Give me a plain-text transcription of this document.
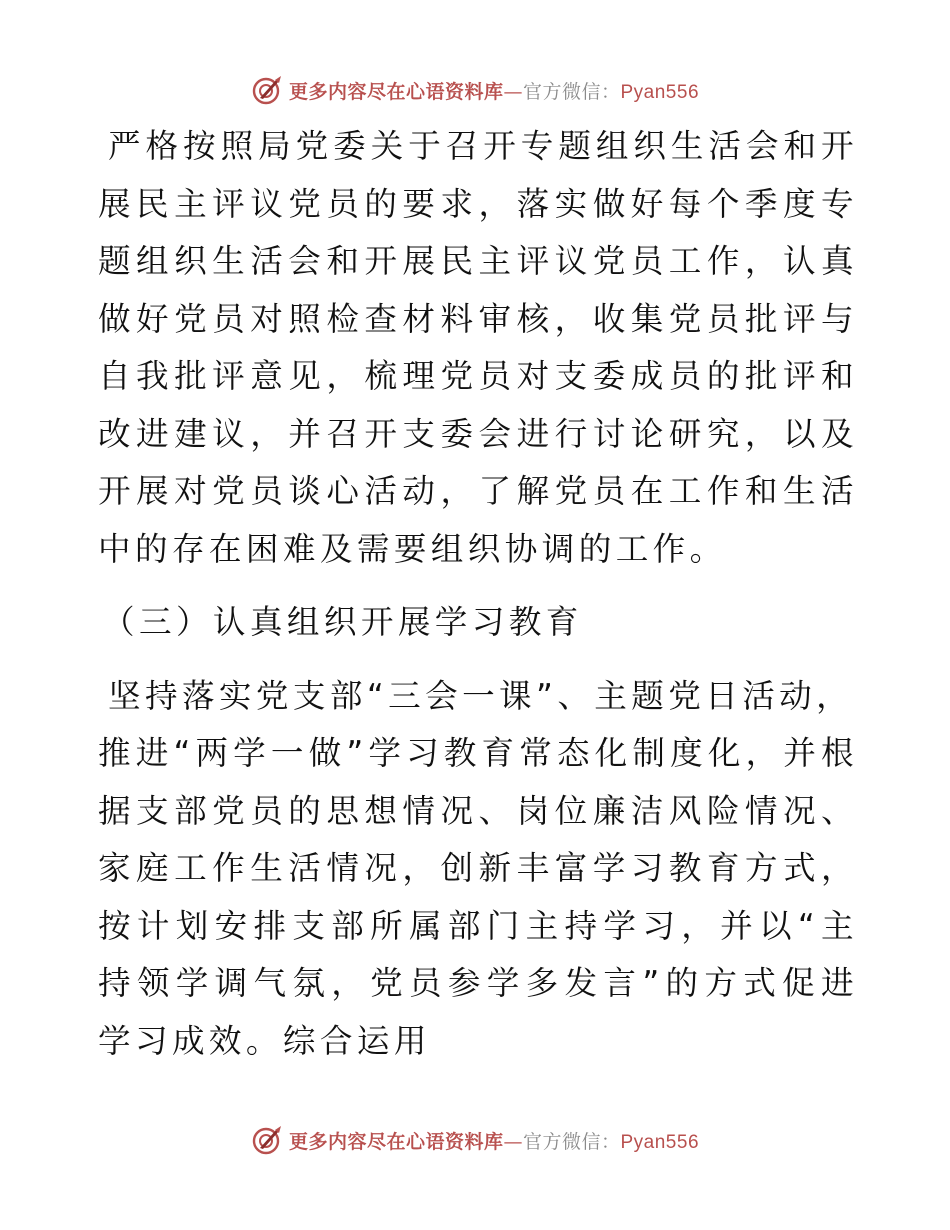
更多内容尽在心语资料库—官方微信：Pyan556

严格按照局党委关于召开专题组织生活会和开展民主评议党员的要求，落实做好每个季度专题组织生活会和开展民主评议党员工作，认真做好党员对照检查材料审核，收集党员批评与自我批评意见，梳理党员对支委成员的批评和改进建议，并召开支委会进行讨论研究，以及开展对党员谈心活动，了解党员在工作和生活中的存在困难及需要组织协调的工作。

（三）认真组织开展学习教育

坚持落实党支部“三会一课”、主题党日活动，
推进“两学一做”学习教育常态化制度化，并根据支部党员的思想情况、岗位廉洁风险情况、家庭工作生活情况，创新丰富学习教育方式，按计划安排支部所属部门主持学习，并以“主持领学调气氛，党员参学多发言”的方式促进学习成效。综合运用

更多内容尽在心语资料库—官方微信：Pyan556
